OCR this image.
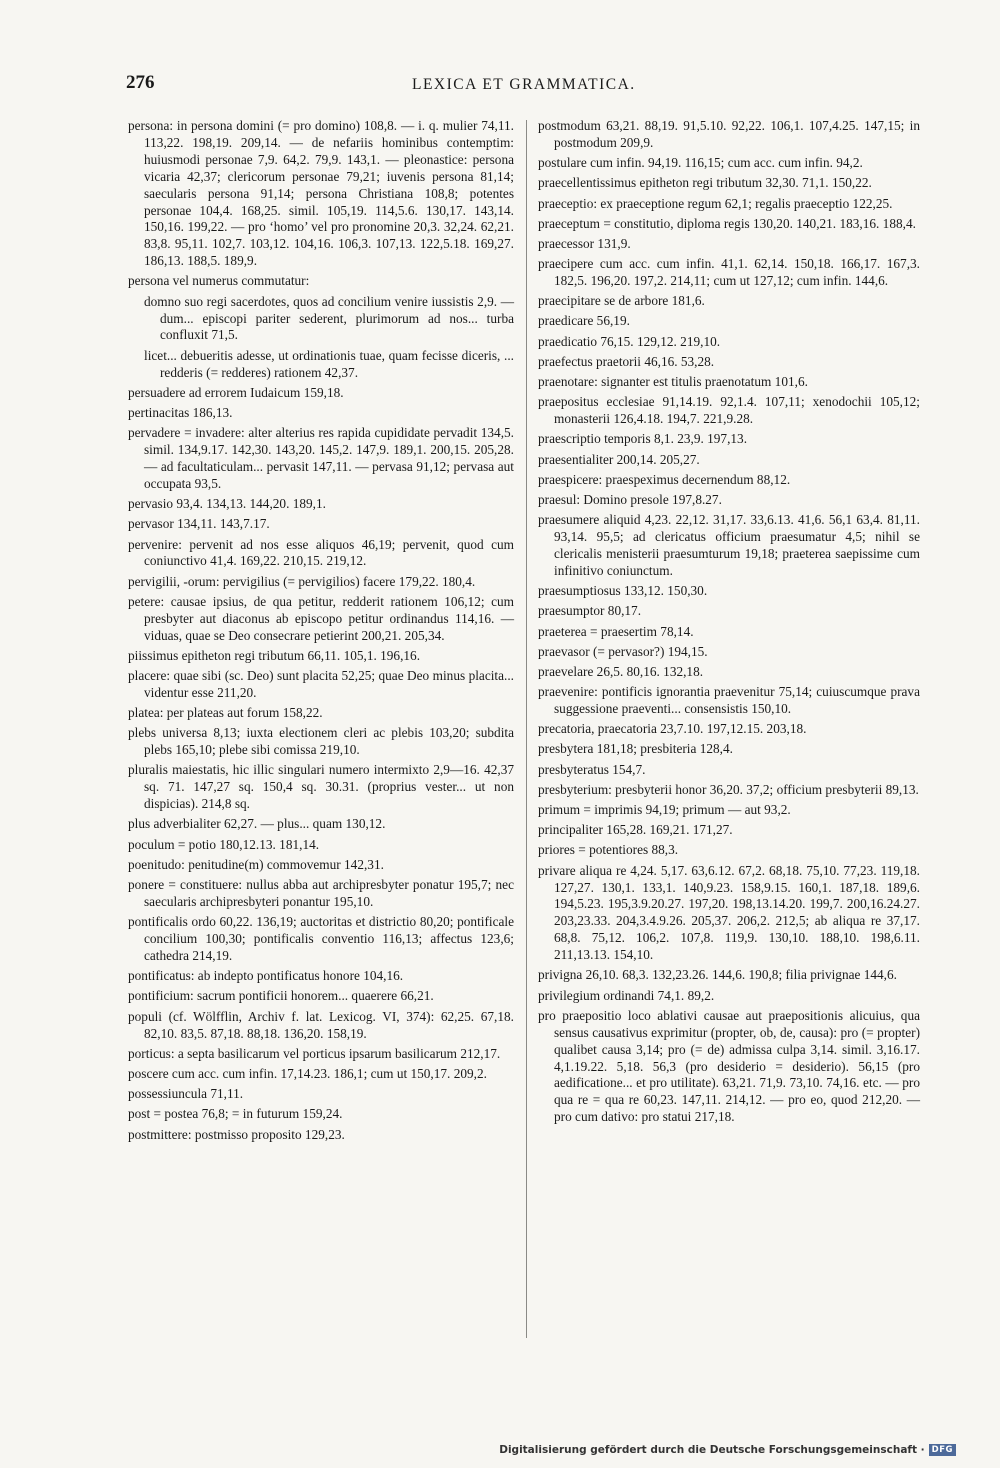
276	LEXICA ET GRAMMATICA.

persona: in persona domini (= pro domino) 108,8. — i. q. mulier 74,11. 113,22. 198,19. 209,14. — de nefariis hominibus contemptim: huiusmodi personae 7,9. 64,2. 79,9. 143,1. — pleonastice: persona vicaria 42,37; clericorum personae 79,21; iuvenis persona 81,14; saecularis persona 91,14; persona Christiana 108,8; potentes personae 104,4. 168,25. simil. 105,19. 114,5.6. 130,17. 143,14. 150,16. 199,22. — pro ‘homo’ vel pro pronomine 20,3. 32,24. 62,21. 83,8. 95,11. 102,7. 103,12. 104,16. 106,3. 107,13. 122,5.18. 169,27. 186,13. 188,5. 189,9.

persona vel numerus commutatur:

domno suo regi sacerdotes, quos ad concilium venire iussistis 2,9. — dum... episcopi pariter sederent, plurimorum ad nos... turba confluxit 71,5.

licet... debueritis adesse, ut ordinationis tuae, quam fecisse diceris, ... redderis (= redderes) rationem 42,37.

persuadere ad errorem Iudaicum 159,18.

pertinacitas 186,13.

pervadere = invadere: alter alterius res rapida cupididate pervadit 134,5. simil. 134,9.17. 142,30. 143,20. 145,2. 147,9. 189,1. 200,15. 205,28. — ad facultaticulam... pervasit 147,11. — pervasa 91,12; pervasa aut occupata 93,5.

pervasio 93,4. 134,13. 144,20. 189,1.

pervasor 134,11. 143,7.17.

pervenire: pervenit ad nos esse aliquos 46,19; pervenit, quod cum coniunctivo 41,4. 169,22. 210,15. 219,12.

pervigilii, -orum: pervigilius (= pervigilios) facere 179,22. 180,4.

petere: causae ipsius, de qua petitur, redderit rationem 106,12; cum presbyter aut diaconus ab episcopo petitur ordinandus 114,16. — viduas, quae se Deo consecrare petierint 200,21. 205,34.

piissimus epitheton regi tributum 66,11. 105,1. 196,16.

placere: quae sibi (sc. Deo) sunt placita 52,25; quae Deo minus placita... videntur esse 211,20.

platea: per plateas aut forum 158,22.

plebs universa 8,13; iuxta electionem cleri ac plebis 103,20; subdita plebs 165,10; plebe sibi comissa 219,10.

pluralis maiestatis, hic illic singulari numero intermixto 2,9—16. 42,37 sq. 71. 147,27 sq. 150,4 sq. 30.31. (proprius vester... ut non dispicias). 214,8 sq.

plus adverbialiter 62,27. — plus... quam 130,12.

poculum = potio 180,12.13. 181,14.

poenitudo: penitudine(m) commovemur 142,31.

ponere = constituere: nullus abba aut archipresbyter ponatur 195,7; nec saecularis archipresbyteri ponantur 195,10.

pontificalis ordo 60,22. 136,19; auctoritas et districtio 80,20; pontificale concilium 100,30; pontificalis conventio 116,13; affectus 123,6; cathedra 214,19.

pontificatus: ab indepto pontificatus honore 104,16.

pontificium: sacrum pontificii honorem... quaerere 66,21.

populi (cf. Wölfflin, Archiv f. lat. Lexicog. VI, 374): 62,25. 67,18. 82,10. 83,5. 87,18. 88,18. 136,20. 158,19.

porticus: a septa basilicarum vel porticus ipsarum basilicarum 212,17.

poscere cum acc. cum infin. 17,14.23. 186,1; cum ut 150,17. 209,2.

possessiuncula 71,11.

post = postea 76,8; = in futurum 159,24.

postmittere: postmisso proposito 129,23.

postmodum 63,21. 88,19. 91,5.10. 92,22. 106,1. 107,4.25. 147,15; in postmodum 209,9.

postulare cum infin. 94,19. 116,15; cum acc. cum infin. 94,2.

praecellentissimus epitheton regi tributum 32,30. 71,1. 150,22.

praeceptio: ex praeceptione regum 62,1; regalis praeceptio 122,25.

praeceptum = constitutio, diploma regis 130,20. 140,21. 183,16. 188,4.

praecessor 131,9.

praecipere cum acc. cum infin. 41,1. 62,14. 150,18. 166,17. 167,3. 182,5. 196,20. 197,2. 214,11; cum ut 127,12; cum infin. 144,6.

praecipitare se de arbore 181,6.

praedicare 56,19.

praedicatio 76,15. 129,12. 219,10.

praefectus praetorii 46,16. 53,28.

praenotare: signanter est titulis praenotatum 101,6.

praepositus ecclesiae 91,14.19. 92,1.4. 107,11; xenodochii 105,12; monasterii 126,4.18. 194,7. 221,9.28.

praescriptio temporis 8,1. 23,9. 197,13.

praesentialiter 200,14. 205,27.

praespicere: praespeximus decernendum 88,12.

praesul: Domino presole 197,8.27.

praesumere aliquid 4,23. 22,12. 31,17. 33,6.13. 41,6. 56,1 63,4. 81,11. 93,14. 95,5; ad clericatus officium praesumatur 4,5; nihil se clericalis menisterii praesumturum 19,18; praeterea saepissime cum infinitivo coniunctum.

praesumptiosus 133,12. 150,30.

praesumptor 80,17.

praeterea = praesertim 78,14.

praevasor (= pervasor?) 194,15.

praevelare 26,5. 80,16. 132,18.

praevenire: pontificis ignorantia praevenitur 75,14; cuiuscumque prava suggessione praeventi... consensistis 150,10.

precatoria, praecatoria 23,7.10. 197,12.15. 203,18.

presbytera 181,18; presbiteria 128,4.

presbyteratus 154,7.

presbyterium: presbyterii honor 36,20. 37,2; officium presbyterii 89,13.

primum = imprimis 94,19; primum — aut 93,2.

principaliter 165,28. 169,21. 171,27.

priores = potentiores 88,3.

privare aliqua re 4,24. 5,17. 63,6.12. 67,2. 68,18. 75,10. 77,23. 119,18. 127,27. 130,1. 133,1. 140,9.23. 158,9.15. 160,1. 187,18. 189,6. 194,5.23. 195,3.9.20.27. 197,20. 198,13.14.20. 199,7. 200,16.24.27. 203,23.33. 204,3.4.9.26. 205,37. 206,2. 212,5; ab aliqua re 37,17. 68,8. 75,12. 106,2. 107,8. 119,9. 130,10. 188,10. 198,6.11. 211,13.13. 154,10.

privigna 26,10. 68,3. 132,23.26. 144,6. 190,8; filia privignae 144,6.

privilegium ordinandi 74,1. 89,2.

pro praepositio loco ablativi causae aut praepositionis alicuius, qua sensus causativus exprimitur (propter, ob, de, causa): pro (= propter) qualibet causa 3,14; pro (= de) admissa culpa 3,14. simil. 3,16.17. 4,1.19.22. 5,18. 56,3 (pro desiderio = desiderio). 56,15 (pro aedificatione... et pro utilitate). 63,21. 71,9. 73,10. 74,16. etc. — pro qua re = qua re 60,23. 147,11. 214,12. — pro eo, quod 212,20. — pro cum dativo: pro statui 217,18.

Digitalisierung gefördert durch die Deutsche Forschungsgemeinschaft · DFG
